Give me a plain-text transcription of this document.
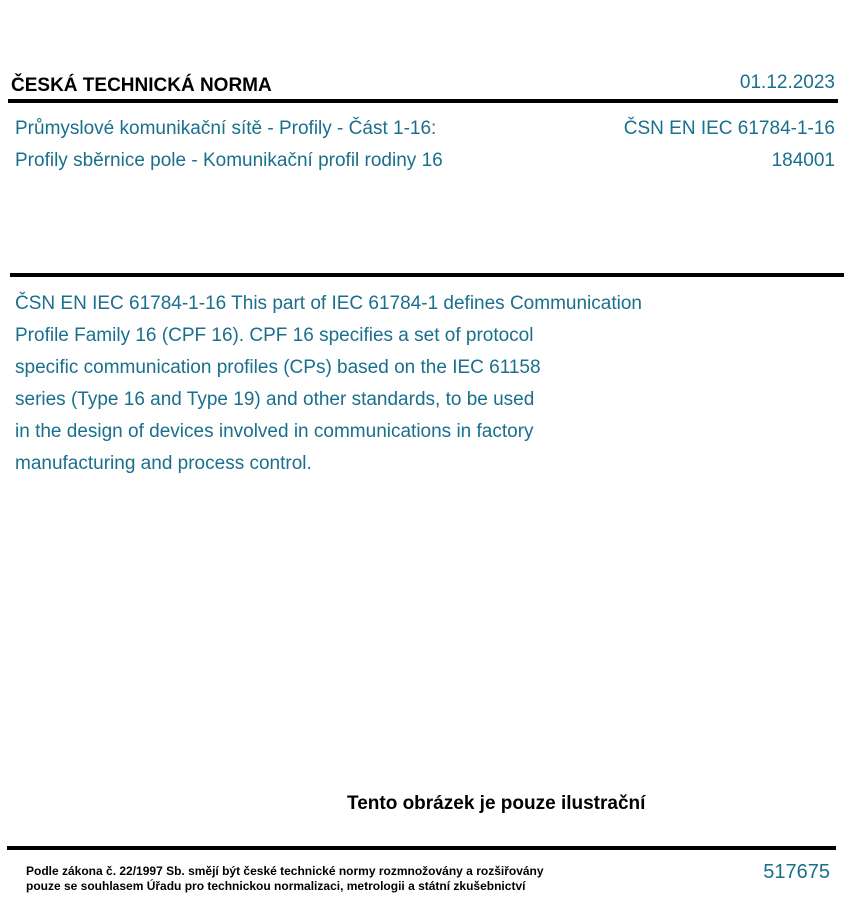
ČESKÁ TECHNICKÁ NORMA	01.12.2023
Průmyslové komunikační sítě - Profily - Část 1-16:
Profily sběrnice pole - Komunikační profil rodiny 16
ČSN EN IEC 61784-1-16
184001
ČSN EN IEC 61784-1-16 This part of IEC 61784-1 defines Communication
Profile Family 16 (CPF 16). CPF 16 specifies a set of protocol
specific communication profiles (CPs) based on the IEC 61158
series (Type 16 and Type 19) and other standards, to be used
in the design of devices involved in communications in factory
manufacturing and process control.
Tento obrázek je pouze ilustrační
Podle zákona č. 22/1997 Sb. smějí být české technické normy rozmnožovány a rozšiřovány
pouze se souhlasem Úřadu pro technickou normalizaci, metrologii a státní zkušebnictví
517675
